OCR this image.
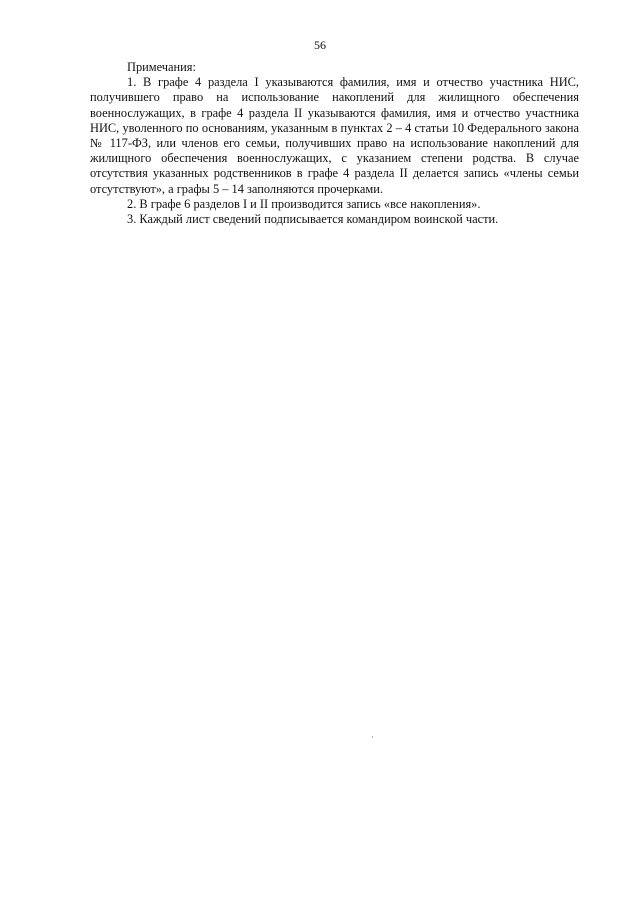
56

Примечания:

1. В графе 4 раздела I указываются фамилия, имя и отчество участника НИС, получившего право на использование накоплений для жилищного обеспечения военнослужащих, в графе 4 раздела II указываются фамилия, имя и отчество участника НИС, уволенного по основаниям, указанным в пунктах 2 – 4 статьи 10 Федерального закона № 117-ФЗ, или членов его семьи, получивших право на использование накоплений для жилищного обеспечения военнослужащих, с указанием степени родства. В случае отсутствия указанных родственников в графе 4 раздела II делается запись «члены семьи отсутствуют», а графы 5 – 14 заполняются прочерками.

2. В графе 6 разделов I и II производится запись «все накопления».

3. Каждый лист сведений подписывается командиром воинской части.
